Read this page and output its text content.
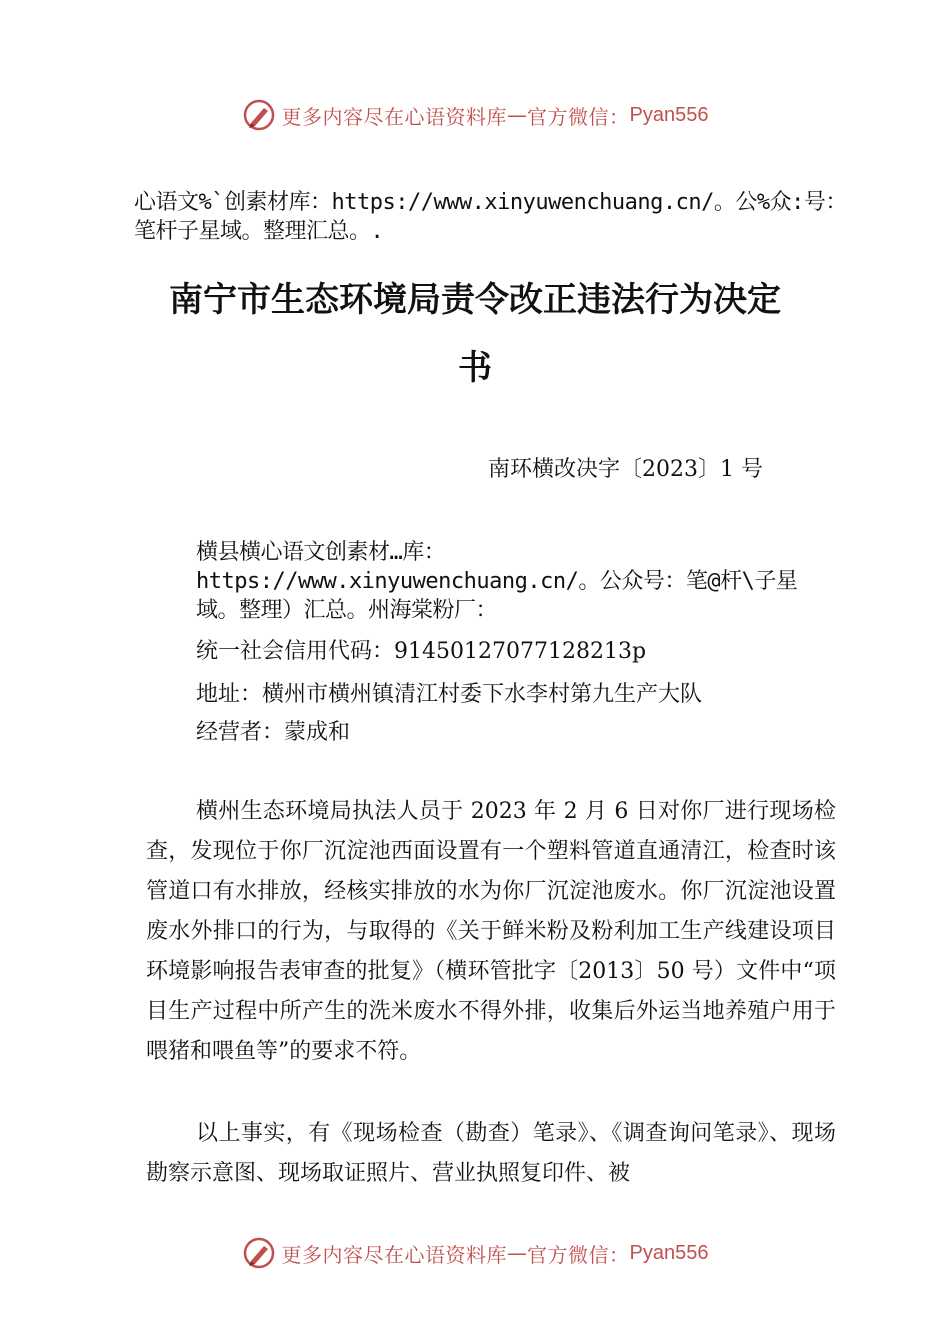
更多内容尽在心语资料库 — 官方微信： Pyan556
心语文%`创素材库：https://www.xinyuwenchuang.cn/。公%众:号：笔杆子星域。整理汇总。.
南宁市生态环境局责令改正违法行为决定
书
南环横改决字〔2023〕1 号
横县横心语文创素材…库：https://www.xinyuwenchuang.cn/。公众号：笔@杆\子星域。整理）汇总。州海棠粉厂：
统一社会信用代码：91450127077128213p
地址：横州市横州镇清江村委下水李村第九生产大队
经营者：蒙成和
横州生态环境局执法人员于 2023 年 2 月 6 日对你厂进行现场检查，发现位于你厂沉淀池西面设置有一个塑料管道直通清江，检查时该管道口有水排放，经核实排放的水为你厂沉淀池废水。你厂沉淀池设置废水外排口的行为，与取得的《关于鲜米粉及粉利加工生产线建设项目环境影响报告表审查的批复》（横环管批字〔2013〕50 号）文件中“项目生产过程中所产生的洗米废水不得外排，收集后外运当地养殖户用于喂猪和喂鱼等”的要求不符。
以上事实，有《现场检查（勘查）笔录》、《调查询问笔录》、现场勘察示意图、现场取证照片、营业执照复印件、被
更多内容尽在心语资料库 — 官方微信： Pyan556
